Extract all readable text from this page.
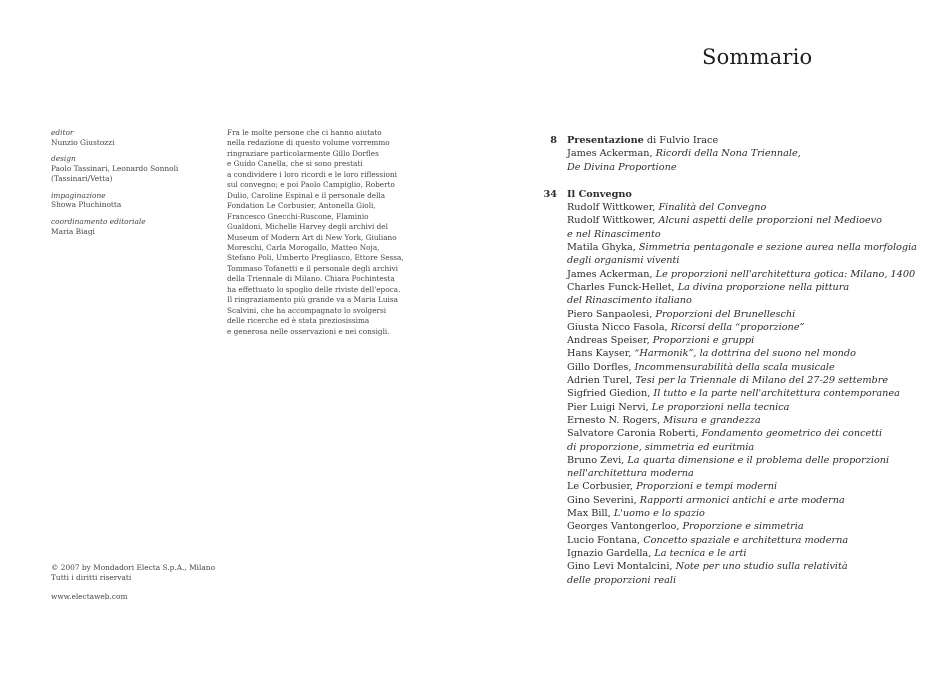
Sommario
editor
Nunzio Giustozzi
design
Paolo Tassinari, Leonardo Sonnoli
(Tassinari/Vetta)
impaginazione
Showa Pluchinotta
coordinamento editoriale
Maria Biagi
Fra le molte persone che ci hanno aiutato
nella redazione di questo volume vorremmo
ringraziare particolarmente Gillo Dorfles
e Guido Canella, che si sono prestati
a condividere i loro ricordi e le loro riflessioni
sul convegno; e poi Paolo Campiglio, Roberto
Dulio, Caroline Espinal e il personale della
Fondation Le Corbusier, Antonella Gioli,
Francesco Gnecchi-Ruscone, Flaminio
Gualdoni, Michelle Harvey degli archivi del
Museum of Modern Art di New York, Giuliano
Moreschi, Carla Morogallo, Matteo Noja,
Stefano Poli, Umberto Pregliasco, Ettore Sessa,
Tommaso Tofanetti e il personale degli archivi
della Triennale di Milano. Chiara Pochintesta
ha effettuato lo spoglio delle riviste dell'epoca.
Il ringraziamento più grande va a Maria Luisa
Scalvini, che ha accompagnato lo svolgersi
delle ricerche ed è stata preziosissima
e generosa nelle osservazioni e nei consigli.
© 2007 by Mondadori Electa S.p.A., Milano
Tutti i diritti riservati
www.electaweb.com
8	Presentazione di Fulvio Irace
James Ackerman, Ricordi della Nona Triennale,
De Divina Proportione
34	Il Convegno
Rudolf Wittkower, Finalità del Convegno
Rudolf Wittkower, Alcuni aspetti delle proporzioni nel Medioevo
e nel Rinascimento
Matila Ghyka, Simmetria pentagonale e sezione aurea nella morfologia
degli organismi viventi
James Ackerman, Le proporzioni nell'architettura gotica: Milano, 1400
Charles Funck-Hellet, La divina proporzione nella pittura
del Rinascimento italiano
Piero Sanpaolesi, Proporzioni del Brunelleschi
Giusta Nicco Fasola, Ricorsi della “proporzione”
Andreas Speiser, Proporzioni e gruppi
Hans Kayser, “Harmonik”, la dottrina del suono nel mondo
Gillo Dorfles, Incommensurabilità della scala musicale
Adrien Turel, Tesi per la Triennale di Milano del 27-29 settembre
Sigfried Giedion, Il tutto e la parte nell'architettura contemporanea
Pier Luigi Nervi, Le proporzioni nella tecnica
Ernesto N. Rogers, Misura e grandezza
Salvatore Caronia Roberti, Fondamento geometrico dei concetti
di proporzione, simmetria ed euritmia
Bruno Zevi, La quarta dimensione e il problema delle proporzioni
nell'architettura moderna
Le Corbusier, Proporzioni e tempi moderni
Gino Severini, Rapporti armonici antichi e arte moderna
Max Bill, L'uomo e lo spazio
Georges Vantongerloo, Proporzione e simmetria
Lucio Fontana, Concetto spaziale e architettura moderna
Ignazio Gardella, La tecnica e le arti
Gino Levi Montalcini, Note per uno studio sulla relatività
delle proporzioni reali
